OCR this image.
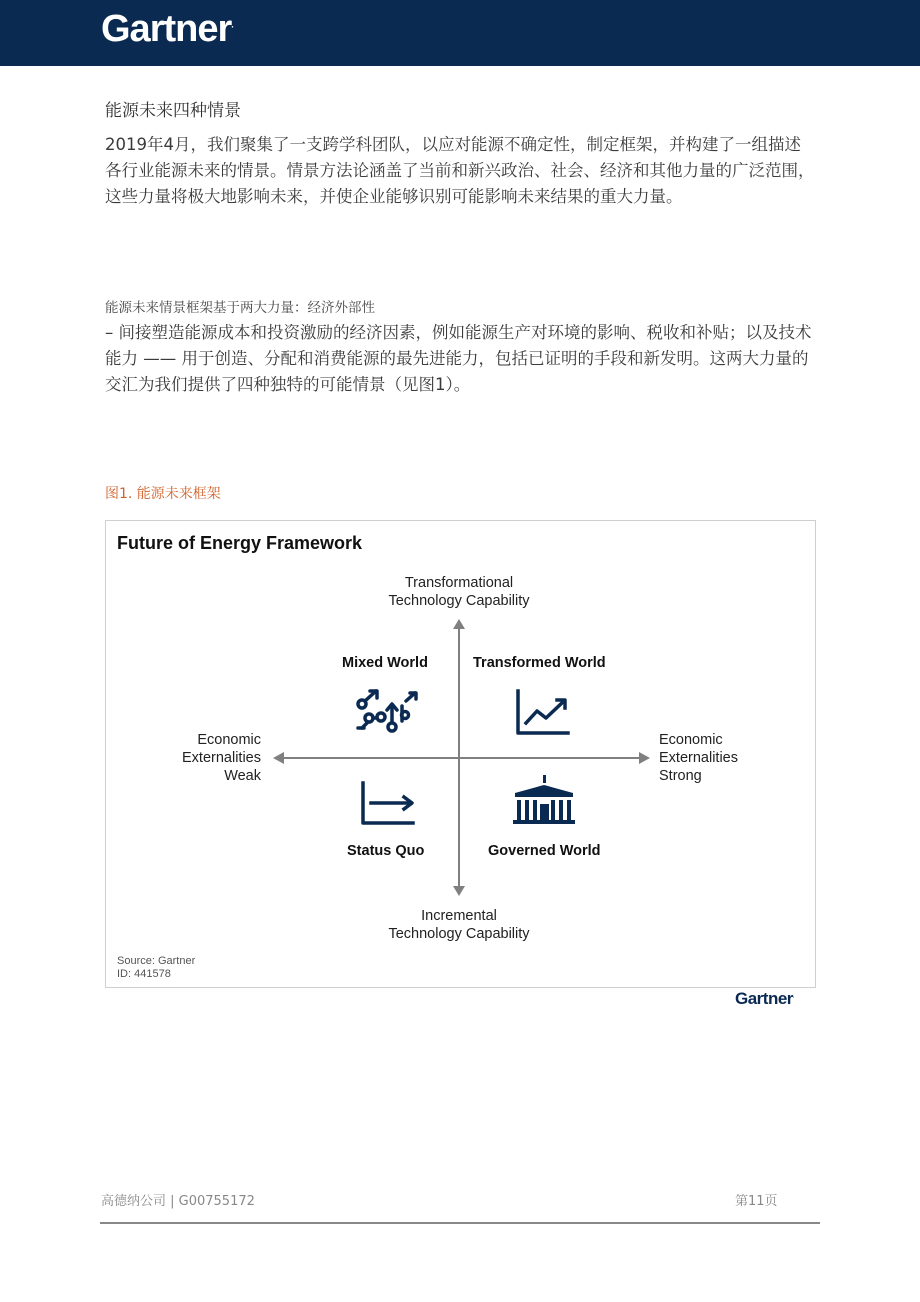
Gartner.
能源未来四种情景
2019年4月，我们聚集了一支跨学科团队，以应对能源不确定性，制定框架，并构建了一组描述各行业能源未来的情景。情景方法论涵盖了当前和新兴政治、社会、经济和其他力量的广泛范围，这些力量将极大地影响未来，并使企业能够识别可能影响未来结果的重大力量。
能源未来情景框架基于两大力量：经济外部性
– 间接塑造能源成本和投资激励的经济因素，例如能源生产对环境的影响、税收和补贴；以及技术能力 —— 用于创造、分配和消费能源的最先进能力，包括已证明的手段和新发明。这两大力量的交汇为我们提供了四种独特的可能情景（见图1）。
图1. 能源未来框架
Future of Energy Framework
Transformational
Technology Capability
Incremental
Technology Capability
Economic
Externalities
Weak
Economic
Externalities
Strong
Mixed World	Transformed World
Status Quo	Governed World
Source: Gartner
ID: 441578
Gartner.
高德纳公司 | G00755172	第11页
